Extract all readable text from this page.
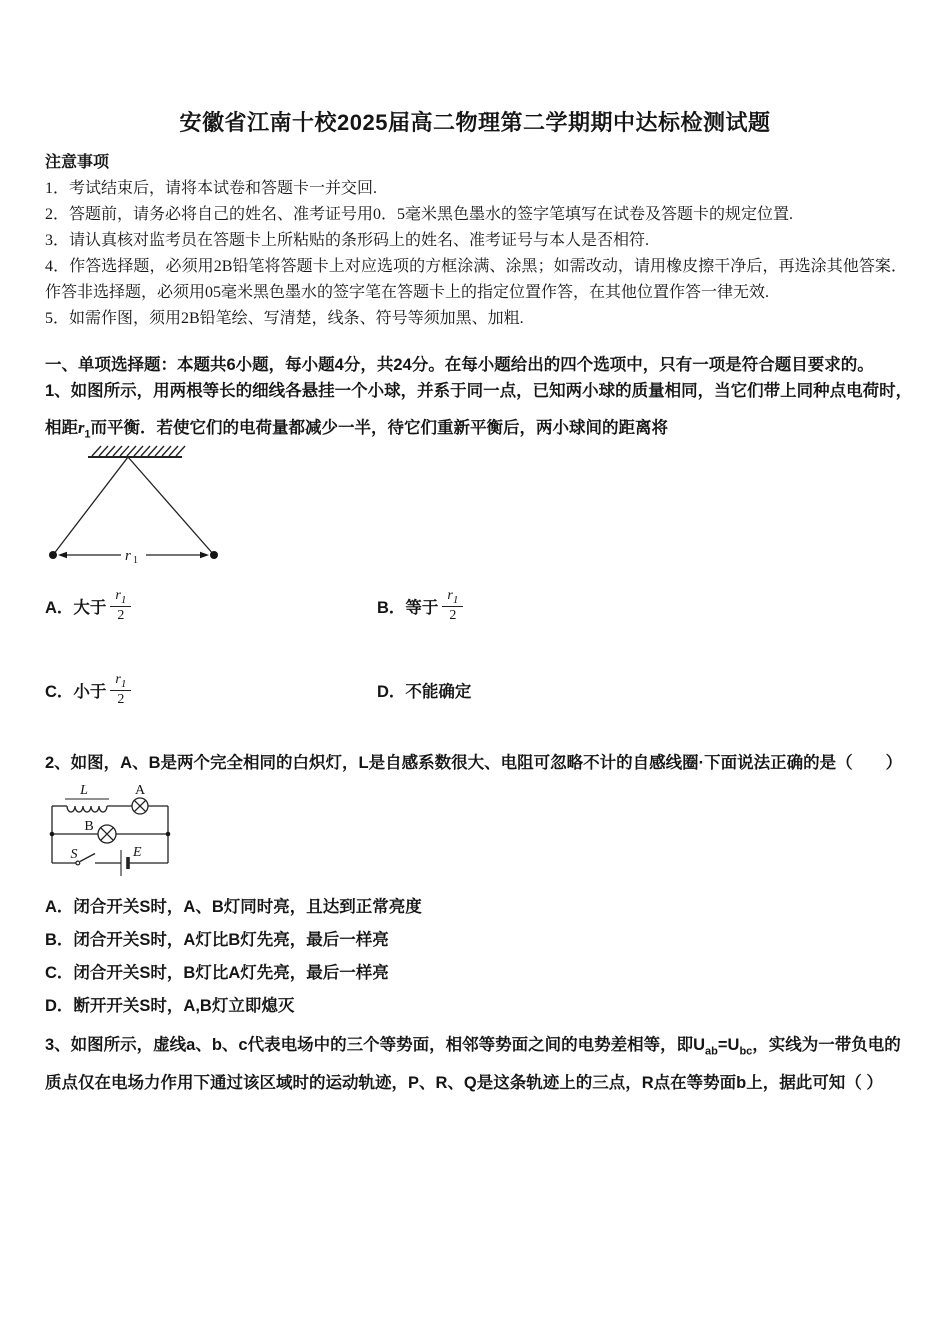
安徽省江南十校2025届高二物理第二学期期中达标检测试题
注意事项
1．考试结束后，请将本试卷和答题卡一并交回.
2．答题前，请务必将自己的姓名、准考证号用0．5毫米黑色墨水的签字笔填写在试卷及答题卡的规定位置.
3．请认真核对监考员在答题卡上所粘贴的条形码上的姓名、准考证号与本人是否相符.
4．作答选择题，必须用2B铅笔将答题卡上对应选项的方框涂满、涂黑；如需改动，请用橡皮擦干净后，再选涂其他答案．作答非选择题，必须用05毫米黑色墨水的签字笔在答题卡上的指定位置作答，在其他位置作答一律无效.
5．如需作图，须用2B铅笔绘、写清楚，线条、符号等须加黑、加粗.
一、单项选择题：本题共6小题，每小题4分，共24分。在每小题给出的四个选项中，只有一项是符合题目要求的。
1、如图所示，用两根等长的细线各悬挂一个小球，并系于同一点，已知两小球的质量相同，当它们带上同种点电荷时，
相距$r_1$而平衡．若使它们的电荷量都减少一半，待它们重新平衡后，两小球间的距离将
r 1
A．大于 $\frac{r_1}{2}$	B．等于 $\frac{r_1}{2}$
C．小于 $\frac{r_1}{2}$	D．不能确定
2、如图，A、B是两个完全相同的白炽灯，L是自感系数很大、电阻可忽略不计的自感线圈·下面说法正确的是（　　）
L	A
B
S	E
A．闭合开关S时，A、B灯同时亮，且达到正常亮度
B．闭合开关S时，A灯比B灯先亮，最后一样亮
C．闭合开关S时，B灯比A灯先亮，最后一样亮
D．断开开关S时，A,B灯立即熄灭
3、如图所示，虚线a、b、c代表电场中的三个等势面，相邻等势面之间的电势差相等，即$U_{ab}=U_{bc}$，实线为一带负电的
质点仅在电场力作用下通过该区域时的运动轨迹，P、R、Q是这条轨迹上的三点，R点在等势面b上，据此可知（ ）
